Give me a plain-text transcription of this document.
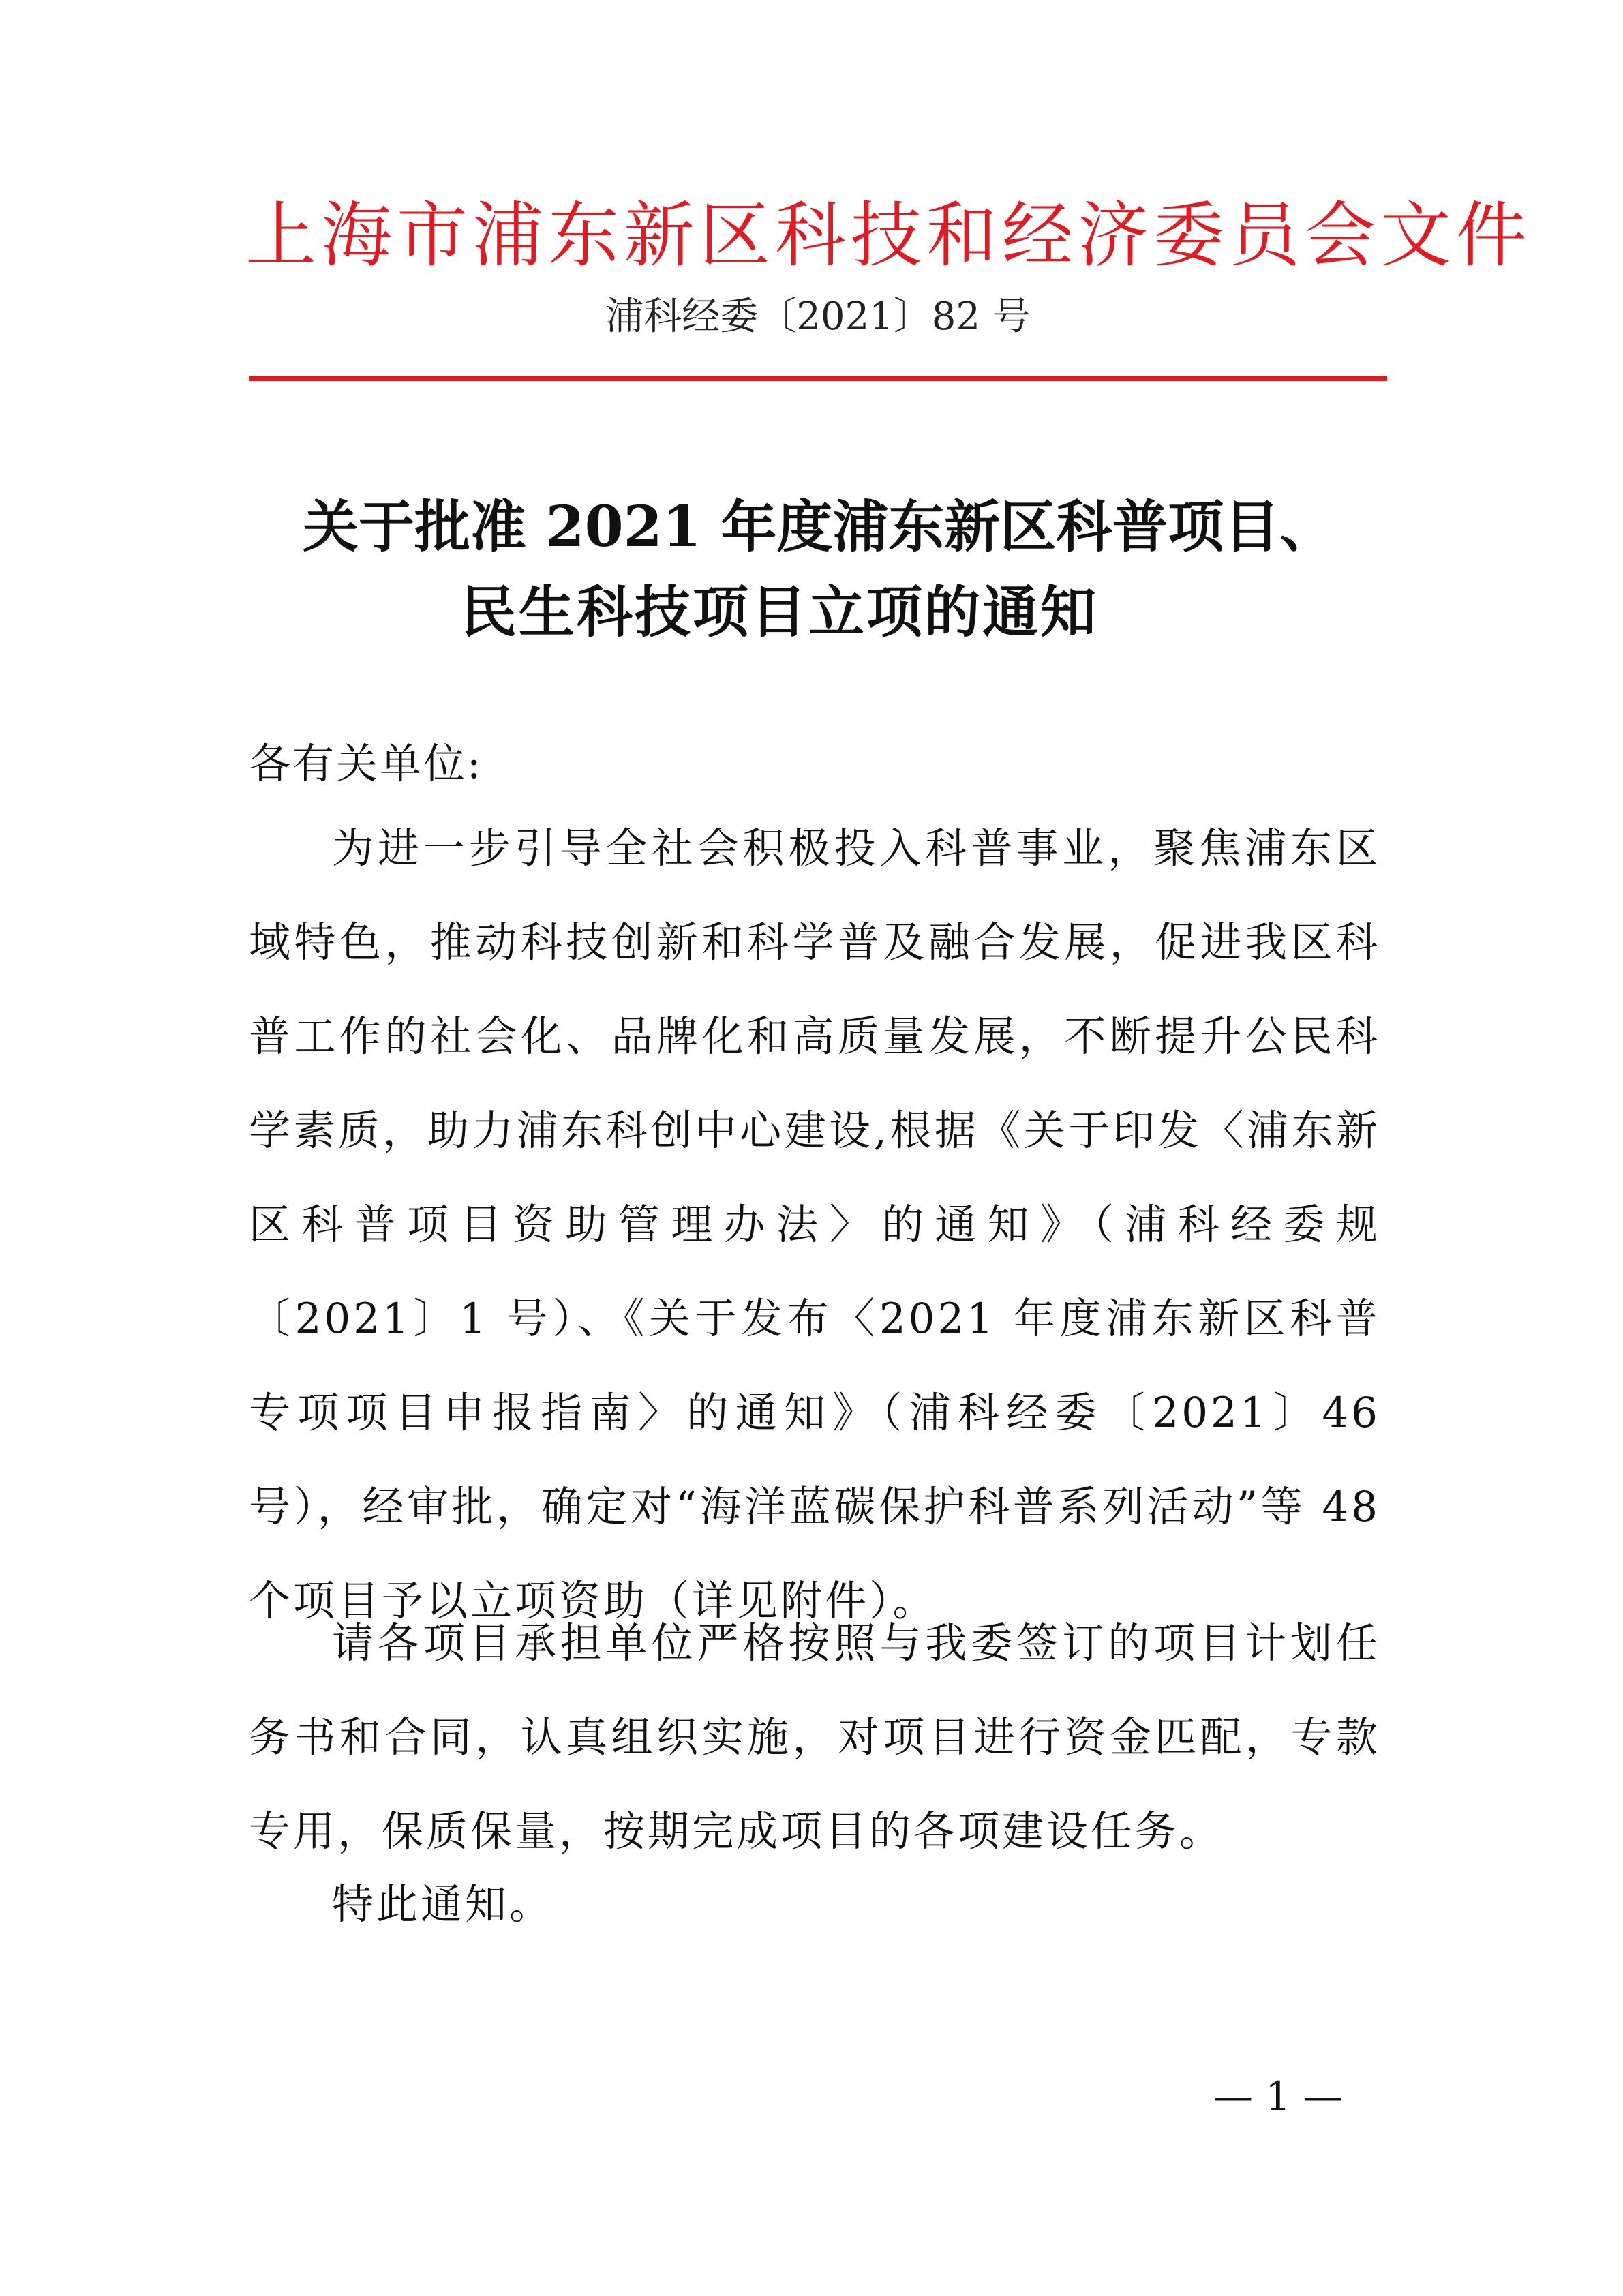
上海市浦东新区科技和经济委员会文件
浦科经委〔2021〕82 号
关于批准 2021 年度浦东新区科普项目、
民生科技项目立项的通知
各有关单位:

为进一步引导全社会积极投入科普事业，聚焦浦东区域特色，推动科技创新和科学普及融合发展，促进我区科普工作的社会化、品牌化和高质量发展，不断提升公民科学素质，助力浦东科创中心建设,根据《关于印发〈浦东新区科普项目资助管理办法〉的通知》（浦科经委规〔2021〕1 号）、《关于发布〈2021 年度浦东新区科普专项项目申报指南〉的通知》（浦科经委〔2021〕46 号），经审批，确定对“海洋蓝碳保护科普系列活动”等 48 个项目予以立项资助（详见附件）。

请各项目承担单位严格按照与我委签订的项目计划任务书和合同，认真组织实施，对项目进行资金匹配，专款专用，保质保量，按期完成项目的各项建设任务。

特此通知。

— 1 —
